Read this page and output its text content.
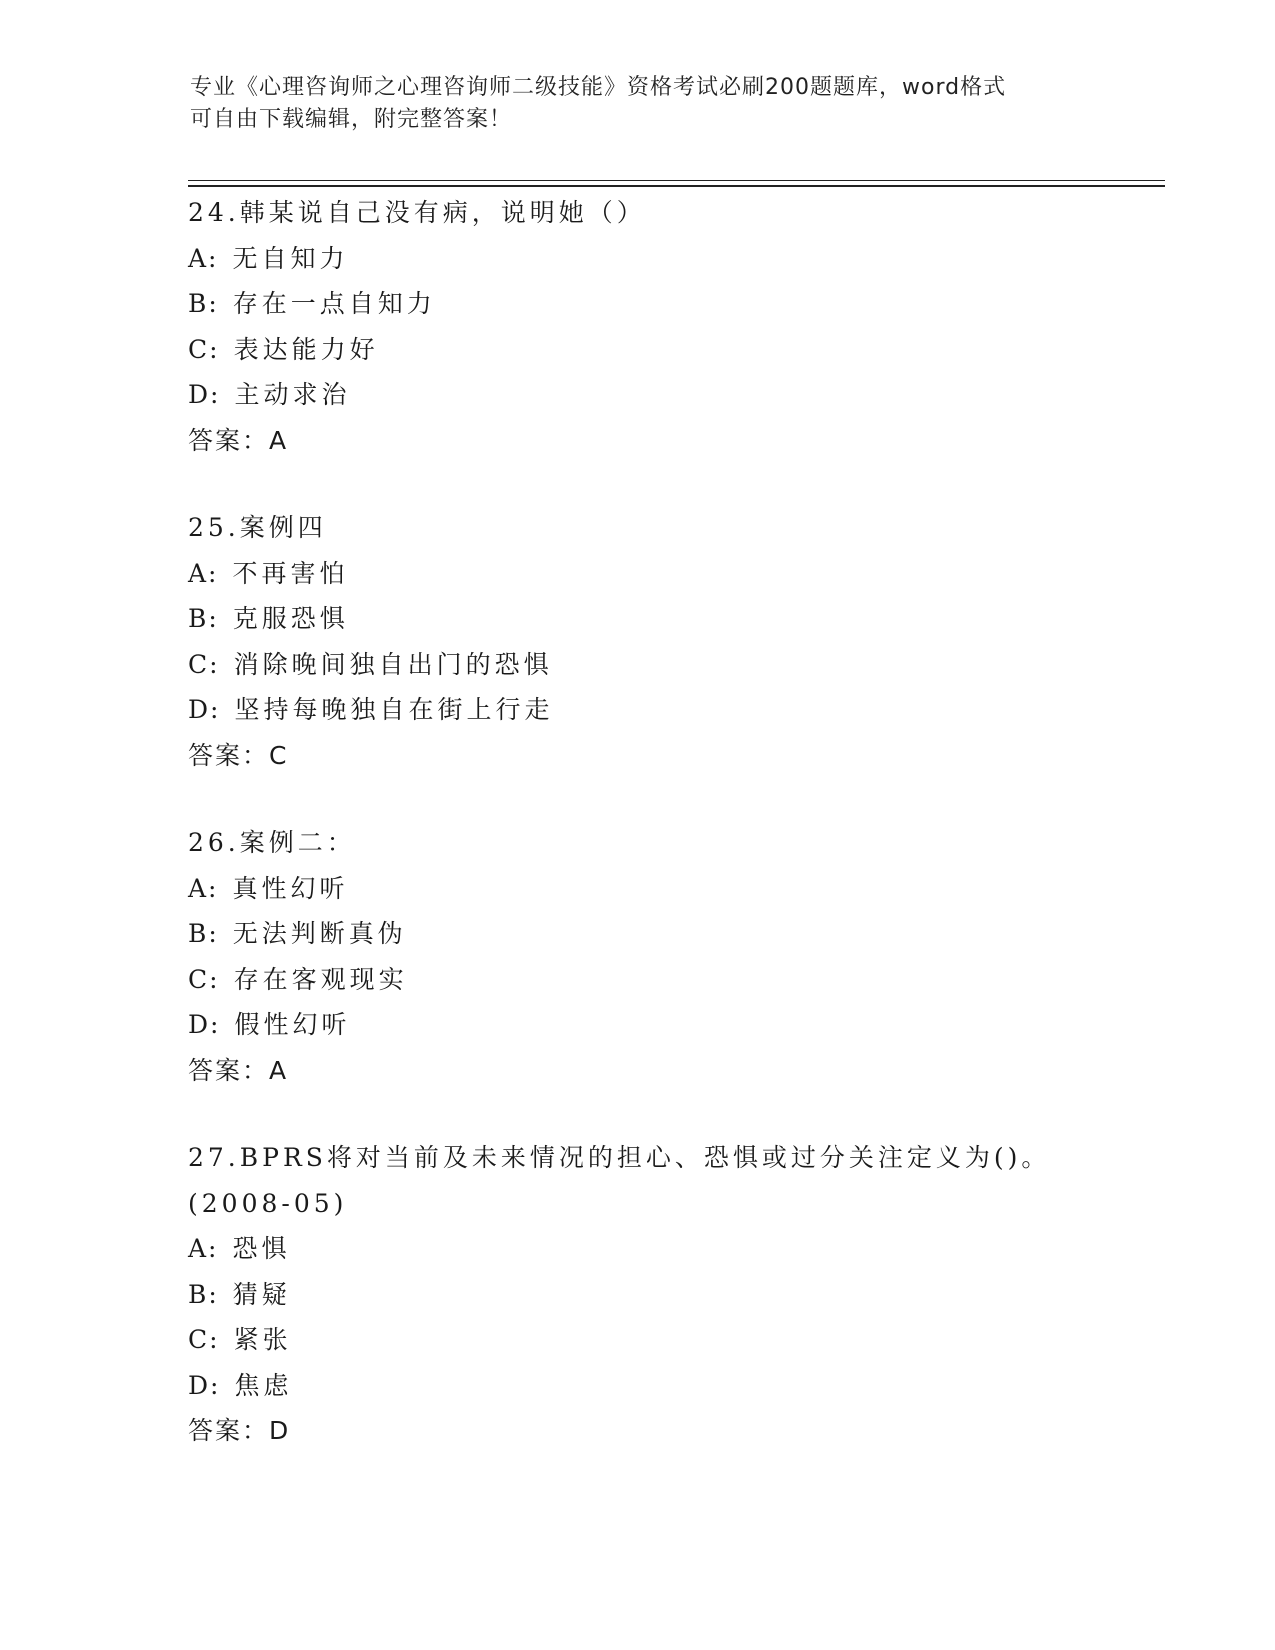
专业《心理咨询师之心理咨询师二级技能》资格考试必刷200题题库，word格式
可自由下载编辑，附完整答案！
24.韩某说自己没有病，说明她（）
A: 无自知力
B: 存在一点自知力
C: 表达能力好
D: 主动求治
答案：A
25.案例四
A: 不再害怕
B: 克服恐惧
C: 消除晚间独自出门的恐惧
D: 坚持每晚独自在街上行走
答案：C
26.案例二：
A: 真性幻听
B: 无法判断真伪
C: 存在客观现实
D: 假性幻听
答案：A
27.BPRS将对当前及未来情况的担心、恐惧或过分关注定义为()。
(2008-05)
A: 恐惧
B: 猜疑
C: 紧张
D: 焦虑
答案：D
